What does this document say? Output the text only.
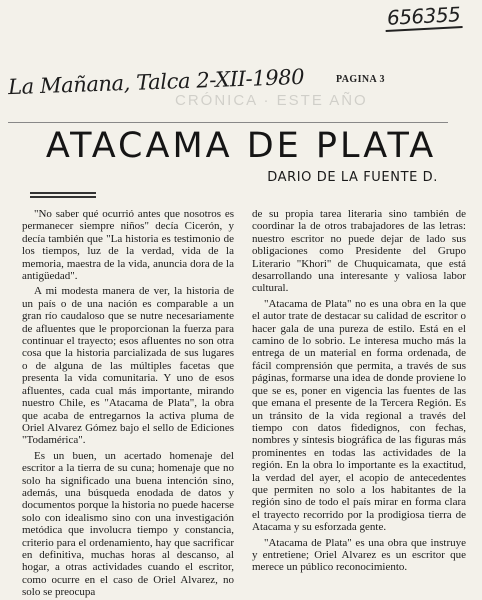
656355
La Mañana, Talca 2-XII-1980	PAGINA 3
CRÓNICA · ESTE AÑO
ATACAMA DE PLATA
DARIO DE LA FUENTE D.

"No saber qué ocurrió antes que nosotros es permanecer siempre niños" decía Cicerón, y decía también que "La historia es testimonio de los tiempos, luz de la verdad, vida de la memoria, maestra de la vida, anuncia dora de la antigüedad".

A mi modesta manera de ver, la historia de un país o de una nación es comparable a un gran río caudaloso que se nutre necesariamente de afluentes que le proporcionan la fuerza para continuar el trayecto; esos afluentes no son otra cosa que la historia parcializada de sus lugares o de alguna de las múltiples facetas que presenta la vida comunitaria. Y uno de esos afluentes, cada cual más importante, mirando nuestro Chile, es "Atacama de Plata", la obra que acaba de entregarnos la activa pluma de Oriel Alvarez Gómez bajo el sello de Ediciones "Todamérica".

Es un buen, un acertado homenaje del escritor a la tierra de su cuna; homenaje que no solo ha significado una buena intención sino, además, una búsqueda enodada de datos y documentos porque la historia no puede hacerse solo con idealismo sino con una investigación metódica que involucra tiempo y constancia, criterio para el ordenamiento, hay que sacrificar en definitiva, muchas horas al descanso, al hogar, a otras actividades cuando el escritor, como ocurre en el caso de Oriel Alvarez, no solo se preocupa

de su propia tarea literaria sino también de coordinar la de otros trabajadores de las letras: nuestro escritor no puede dejar de lado sus obligaciones como Presidente del Grupo Literario "Khori" de Chuquicamata, que está desarrollando una interesante y valiosa labor cultural.

"Atacama de Plata" no es una obra en la que el autor trate de destacar su calidad de escritor o hacer gala de una pureza de estilo. Está en el camino de lo sobrio. Le interesa mucho más la entrega de un material en forma ordenada, de fácil comprensión que permita, a través de sus páginas, formarse una idea de donde proviene lo que se es, poner en vigencia las fuentes de las que emana el presente de la Tercera Región. Es un tránsito de la vida regional a través del tiempo con datos fidedignos, con fechas, nombres y síntesis biográfica de las figuras más prominentes en todas las actividades de la región. En la obra lo importante es la exactitud, la verdad del ayer, el acopio de antecedentes que permiten no solo a los habitantes de la región sino de todo el país mirar en forma clara el trayecto recorrido por la prodigiosa tierra de Atacama y su esforzada gente.

"Atacama de Plata" es una obra que instruye y entretiene; Oriel Alvarez es un escritor que merece un público reconocimiento.
